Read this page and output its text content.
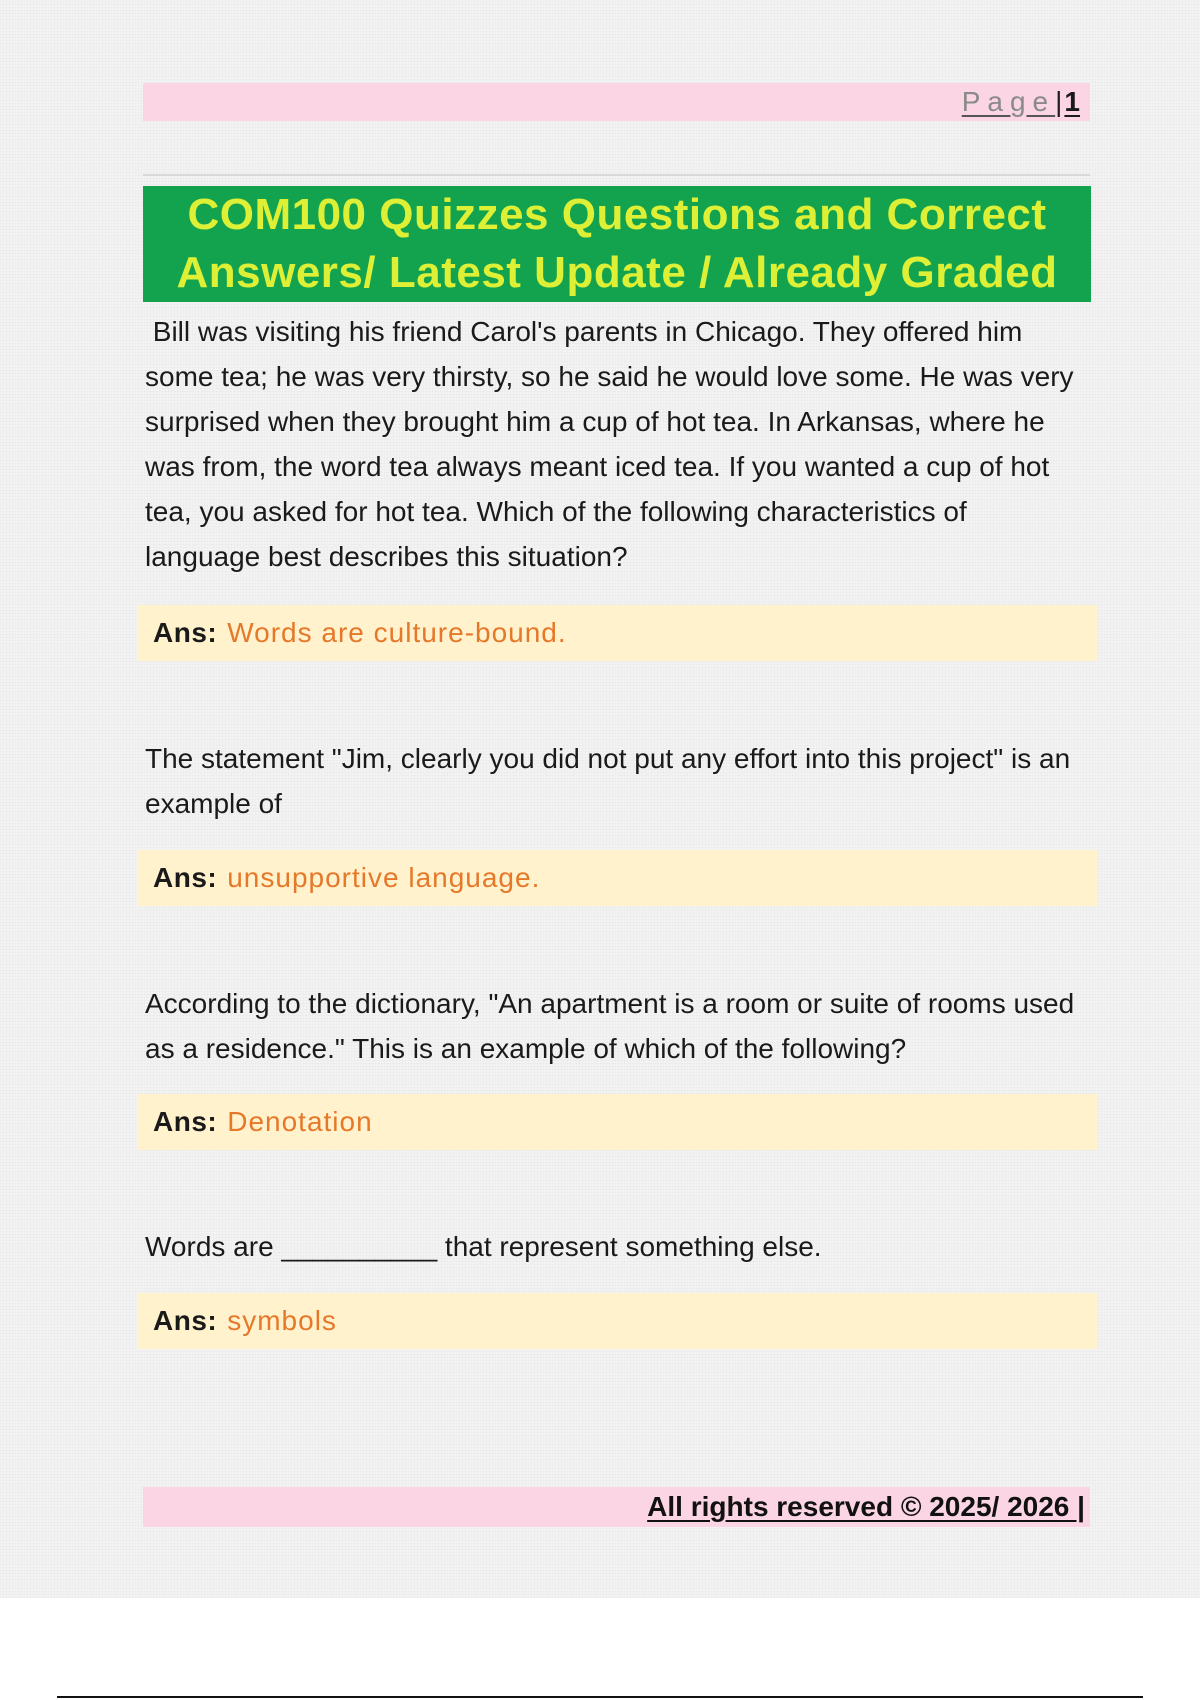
Page | 1
COM100 Quizzes Questions and Correct
Answers/ Latest Update / Already Graded
Bill was visiting his friend Carol's parents in Chicago. They offered him some tea; he was very thirsty, so he said he would love some. He was very surprised when they brought him a cup of hot tea. In Arkansas, where he was from, the word tea always meant iced tea. If you wanted a cup of hot tea, you asked for hot tea. Which of the following characteristics of language best describes this situation?
Ans: Words are culture-bound.
The statement "Jim, clearly you did not put any effort into this project" is an example of
Ans: unsupportive language.
According to the dictionary, "An apartment is a room or suite of rooms used as a residence." This is an example of which of the following?
Ans: Denotation
Words are __________ that represent something else.
Ans: symbols
All rights reserved © 2025/ 2026 |
